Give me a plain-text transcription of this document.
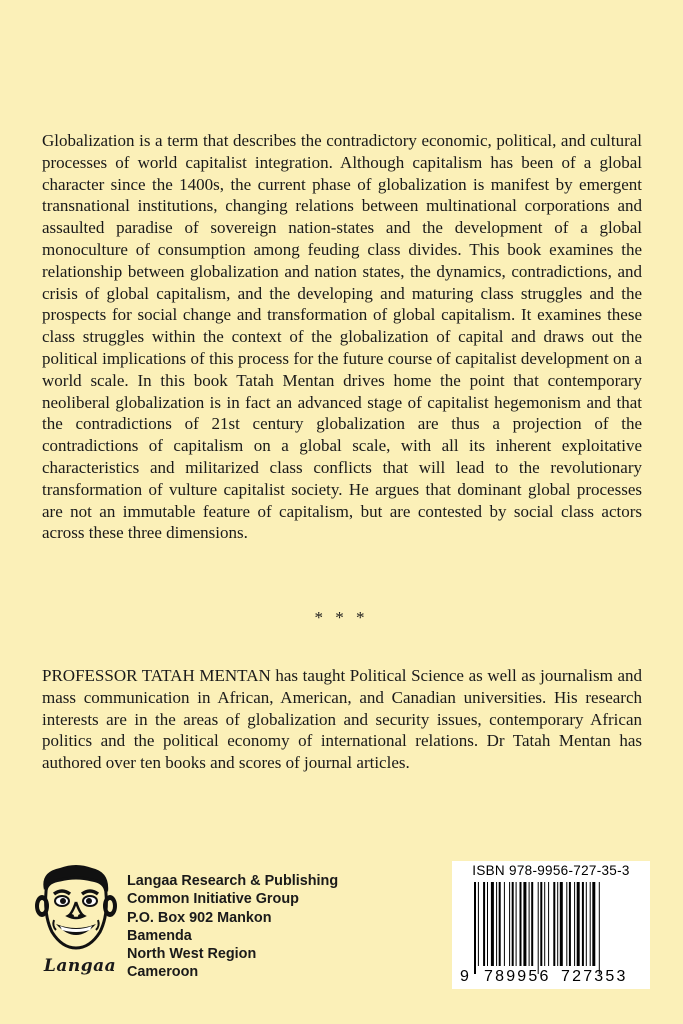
Globalization is a term that describes the contradictory economic, political, and cultural processes of world capitalist integration. Although capitalism has been of a global character since the 1400s, the current phase of globalization is manifest by emergent transnational institutions, changing relations between multinational corporations and assaulted paradise of sovereign nation-states and the development of a global monoculture of consumption among feuding class divides. This book examines the relationship between globalization and nation states, the dynamics, contradictions, and crisis of global capitalism, and the developing and maturing class struggles and the prospects for social change and transformation of global capitalism. It examines these class struggles within the context of the globalization of capital and draws out the political implications of this process for the future course of capitalist development on a world scale. In this book Tatah Mentan drives home the point that contemporary neoliberal globalization is in fact an advanced stage of capitalist hegemonism and that the contradictions of 21st century globalization are thus a projection of the contradictions of capitalism on a global scale, with all its inherent exploitative characteristics and militarized class conflicts that will lead to the revolutionary transformation of vulture capitalist society. He argues that dominant global processes are not an immutable feature of capitalism, but are contested by social class actors across these three dimensions.

* * *

PROFESSOR TATAH MENTAN has taught Political Science as well as journalism and mass communication in African, American, and Canadian universities. His research interests are in the areas of globalization and security issues, contemporary African politics and the political economy of international relations. Dr Tatah Mentan has authored over ten books and scores of journal articles.

Langaa
Langaa Research & Publishing
Common Initiative Group
P.O. Box 902 Mankon
Bamenda
North West Region
Cameroon
ISBN 978-9956-727-35-3
9 789956 727353
